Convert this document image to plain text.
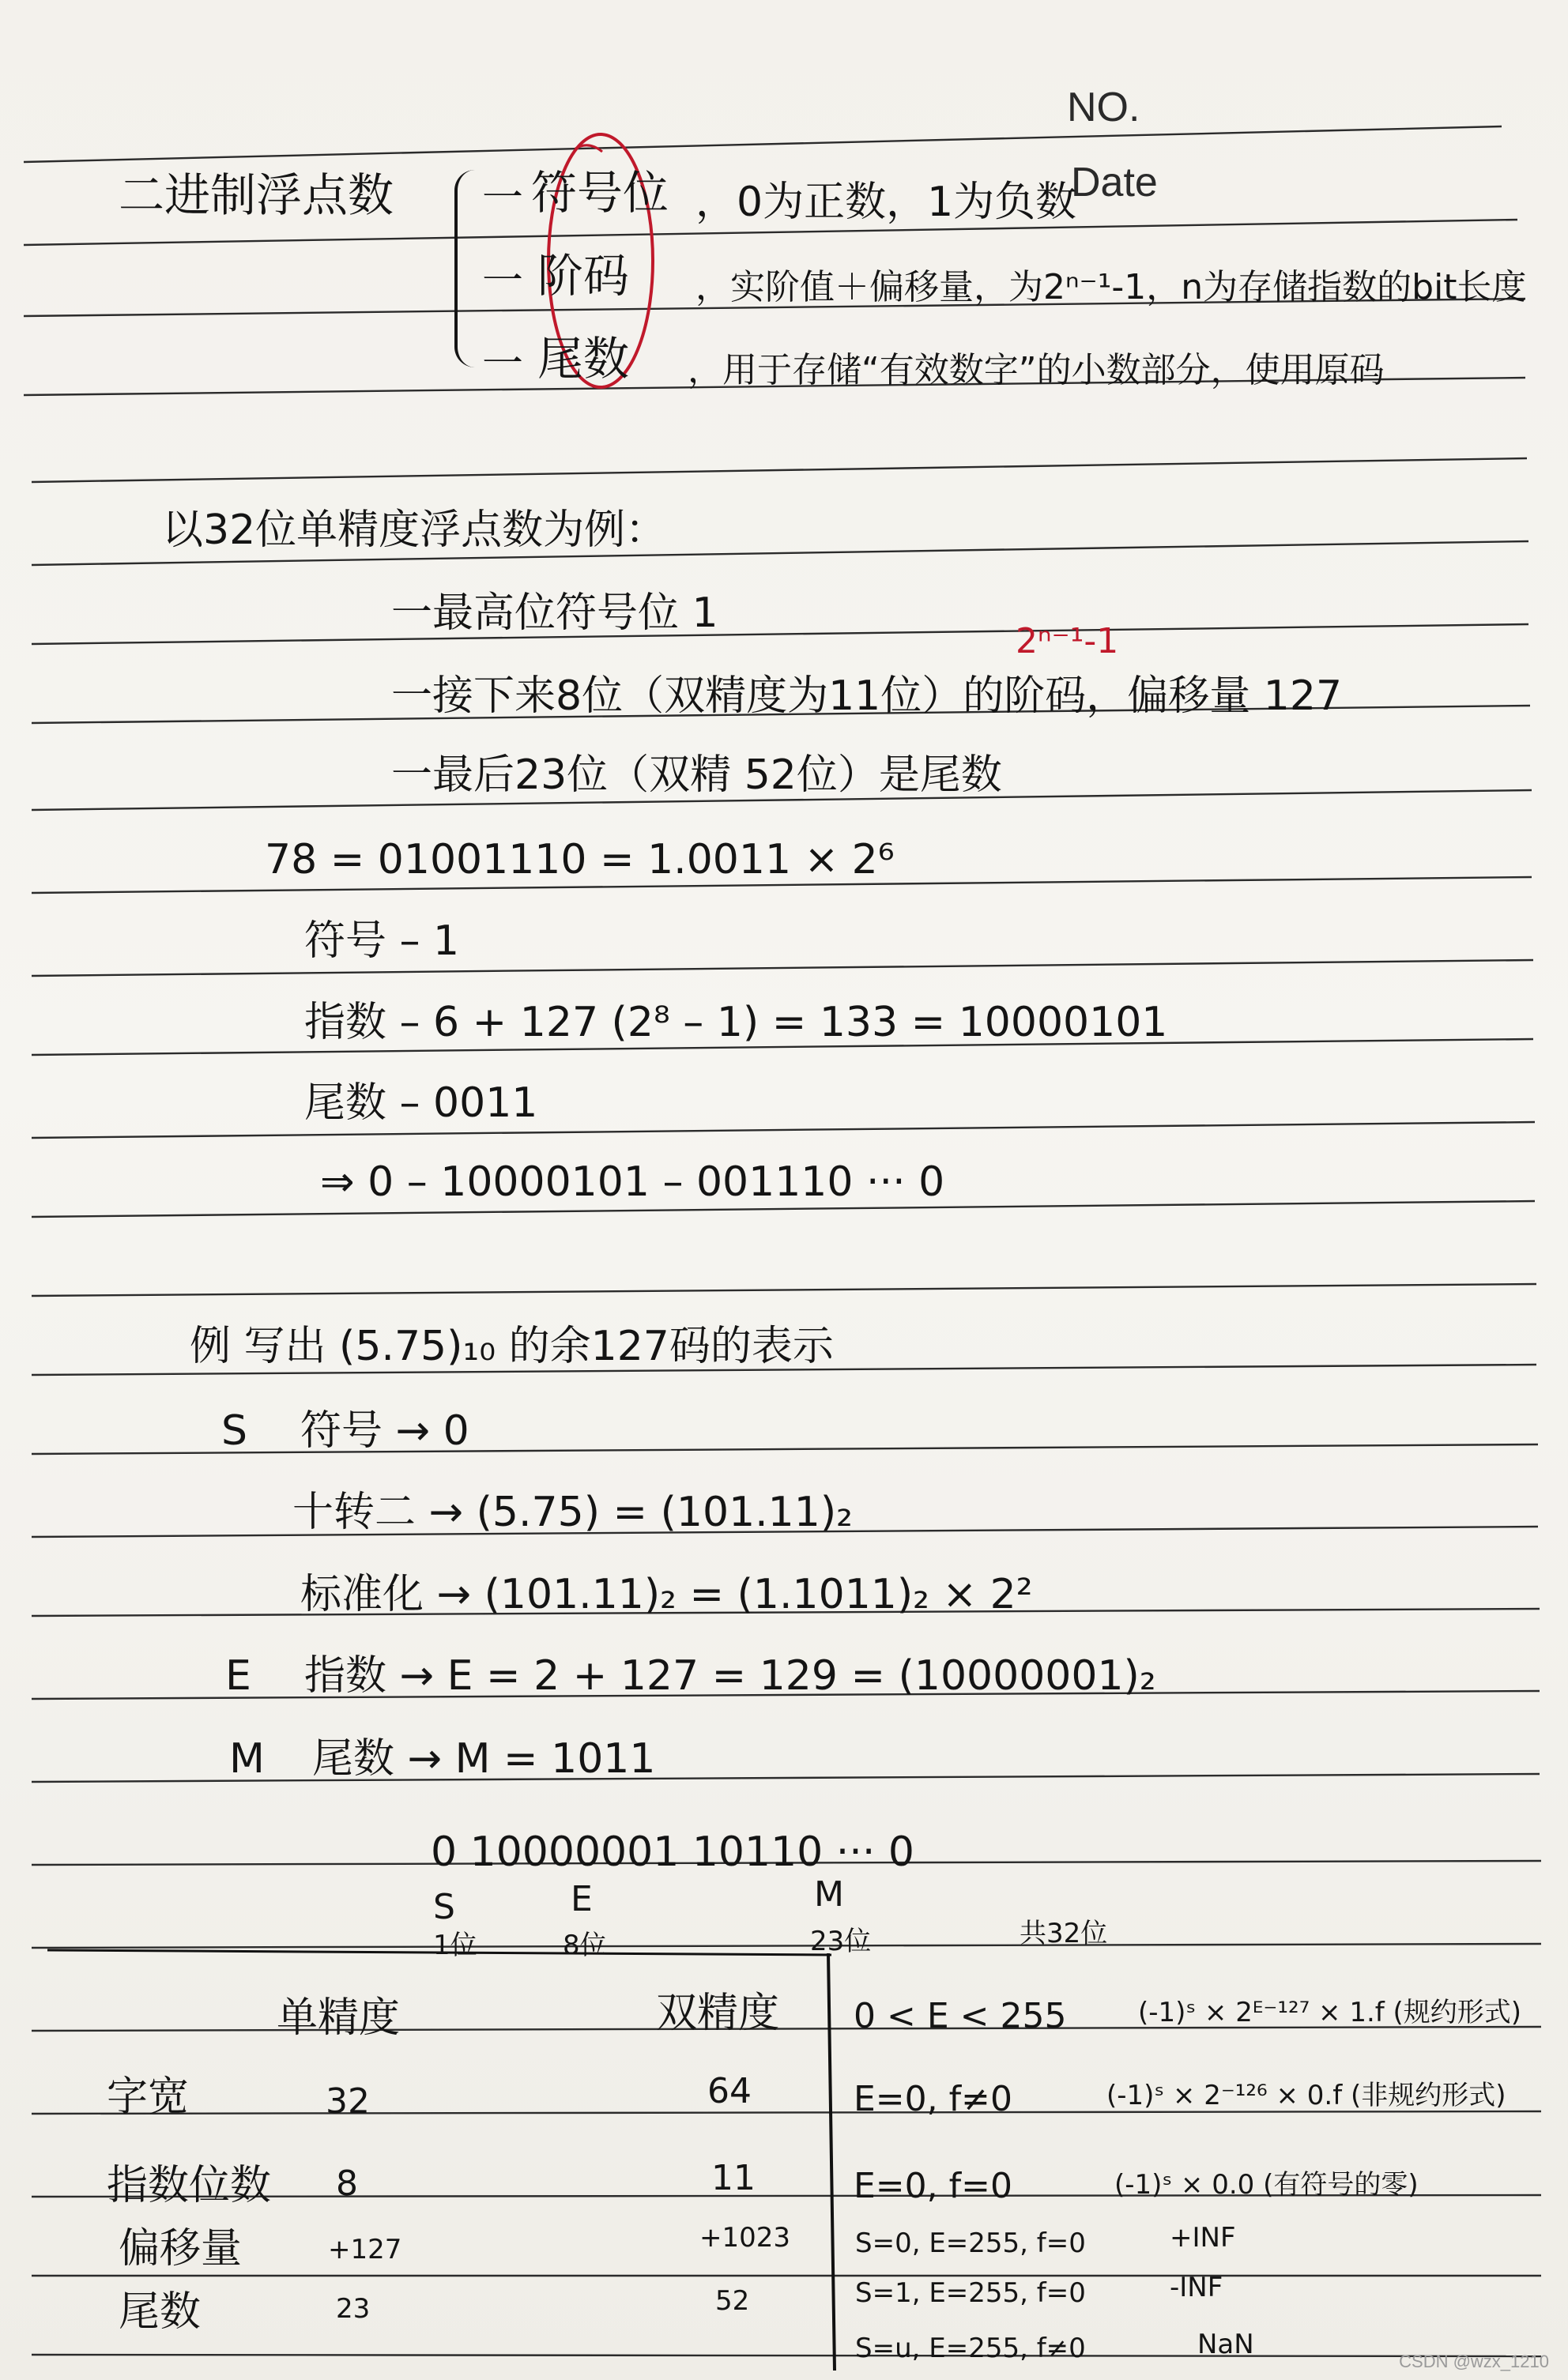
NO.
Date
二进制浮点数 一 符号位 ，0为正数，1为负数
一 阶码 ，实阶值＋偏移量，为2ⁿ⁻¹-1，n为存储指数的bit长度
一 尾数 ，用于存储“有效数字”的小数部分，使用原码
以32位单精度浮点数为例：
一最高位符号位 1
2ⁿ⁻¹-1
一接下来8位（双精度为11位）的阶码，偏移量 127
一最后23位（双精 52位）是尾数
78 = 01001110 = 1.0011 × 2⁶
符号 – 1
指数 – 6 + 127 (2⁸ – 1) = 133 = 10000101
尾数 – 0011
⇒ 0 – 10000101 – 001110 ··· 0
例 写出 (5.75)₁₀ 的余127码的表示
S 符号 → 0
十转二 → (5.75) = (101.11)₂
标准化 → (101.11)₂ = (1.1011)₂ × 2²
E 指数 → E = 2 + 127 = 129 = (10000001)₂
M 尾数 → M = 1011
0 10000001 10110 ··· 0
S	E	M
1位	8位	23位	共32位
单精度	双精度
字宽	32	64
指数位数 8	11
偏移量	+127	+1023
尾数	23	52
0 < E < 255	(-1)ˢ × 2ᴱ⁻¹²⁷ × 1.f (规约形式)
E=0, f≠0	(-1)ˢ × 2⁻¹²⁶ × 0.f (非规约形式)
E=0, f=0	(-1)ˢ × 0.0 (有符号的零)
S=0, E=255, f=0	+INF
S=1, E=255, f=0	-INF
S=u, E=255, f≠0	NaN
CSDN @wzx_1210
